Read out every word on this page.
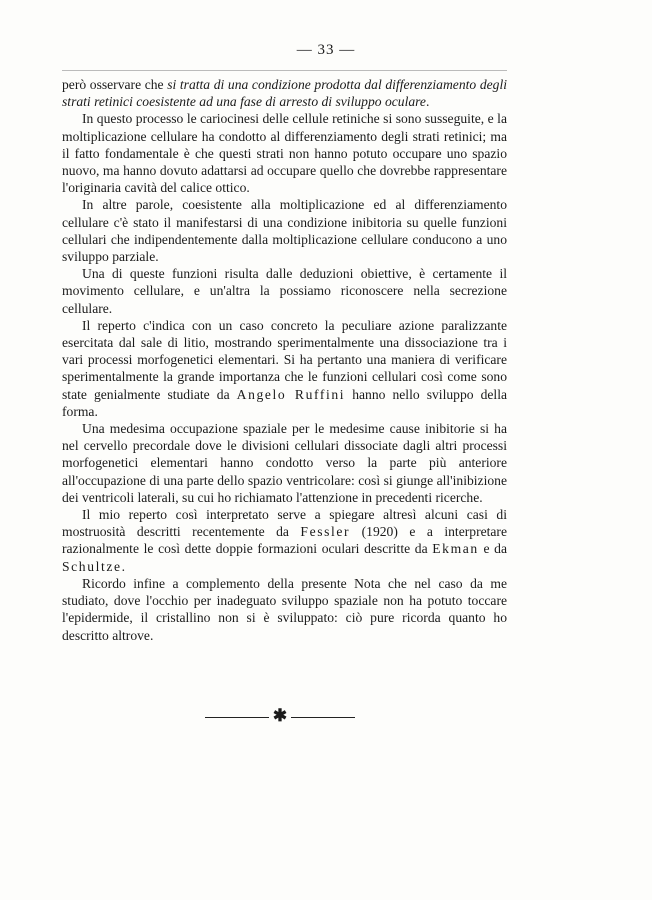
— 33 —

però osservare che si tratta di una condizione prodotta dal differenziamento degli strati retinici coesistente ad una fase di arresto di sviluppo oculare.

In questo processo le cariocinesi delle cellule retiniche si sono susseguite, e la moltiplicazione cellulare ha condotto al differenziamento degli strati retinici; ma il fatto fondamentale è che questi strati non hanno potuto occupare uno spazio nuovo, ma hanno dovuto adattarsi ad occupare quello che dovrebbe rappresentare l'originaria cavità del calice ottico.

In altre parole, coesistente alla moltiplicazione ed al differenziamento cellulare c'è stato il manifestarsi di una condizione inibitoria su quelle funzioni cellulari che indipendentemente dalla moltiplicazione cellulare conducono a uno sviluppo parziale.

Una di queste funzioni risulta dalle deduzioni obiettive, è certamente il movimento cellulare, e un'altra la possiamo riconoscere nella secrezione cellulare.

Il reperto c'indica con un caso concreto la peculiare azione paralizzante esercitata dal sale di litio, mostrando sperimentalmente una dissociazione tra i vari processi morfogenetici elementari. Si ha pertanto una maniera di verificare sperimentalmente la grande importanza che le funzioni cellulari così come sono state genialmente studiate da Angelo Ruffini hanno nello sviluppo della forma.

Una medesima occupazione spaziale per le medesime cause inibitorie si ha nel cervello precordale dove le divisioni cellulari dissociate dagli altri processi morfogenetici elementari hanno condotto verso la parte più anteriore all'occupazione di una parte dello spazio ventricolare: così si giunge all'inibizione dei ventricoli laterali, su cui ho richiamato l'attenzione in precedenti ricerche.

Il mio reperto così interpretato serve a spiegare altresì alcuni casi di mostruosità descritti recentemente da Fessler (1920) e a interpretare razionalmente le così dette doppie formazioni oculari descritte da Ekman e da Schultze.

Ricordo infine a complemento della presente Nota che nel caso da me studiato, dove l'occhio per inadeguato sviluppo spaziale non ha potuto toccare l'epidermide, il cristallino non si è sviluppato: ciò pure ricorda quanto ho descritto altrove.

✱
